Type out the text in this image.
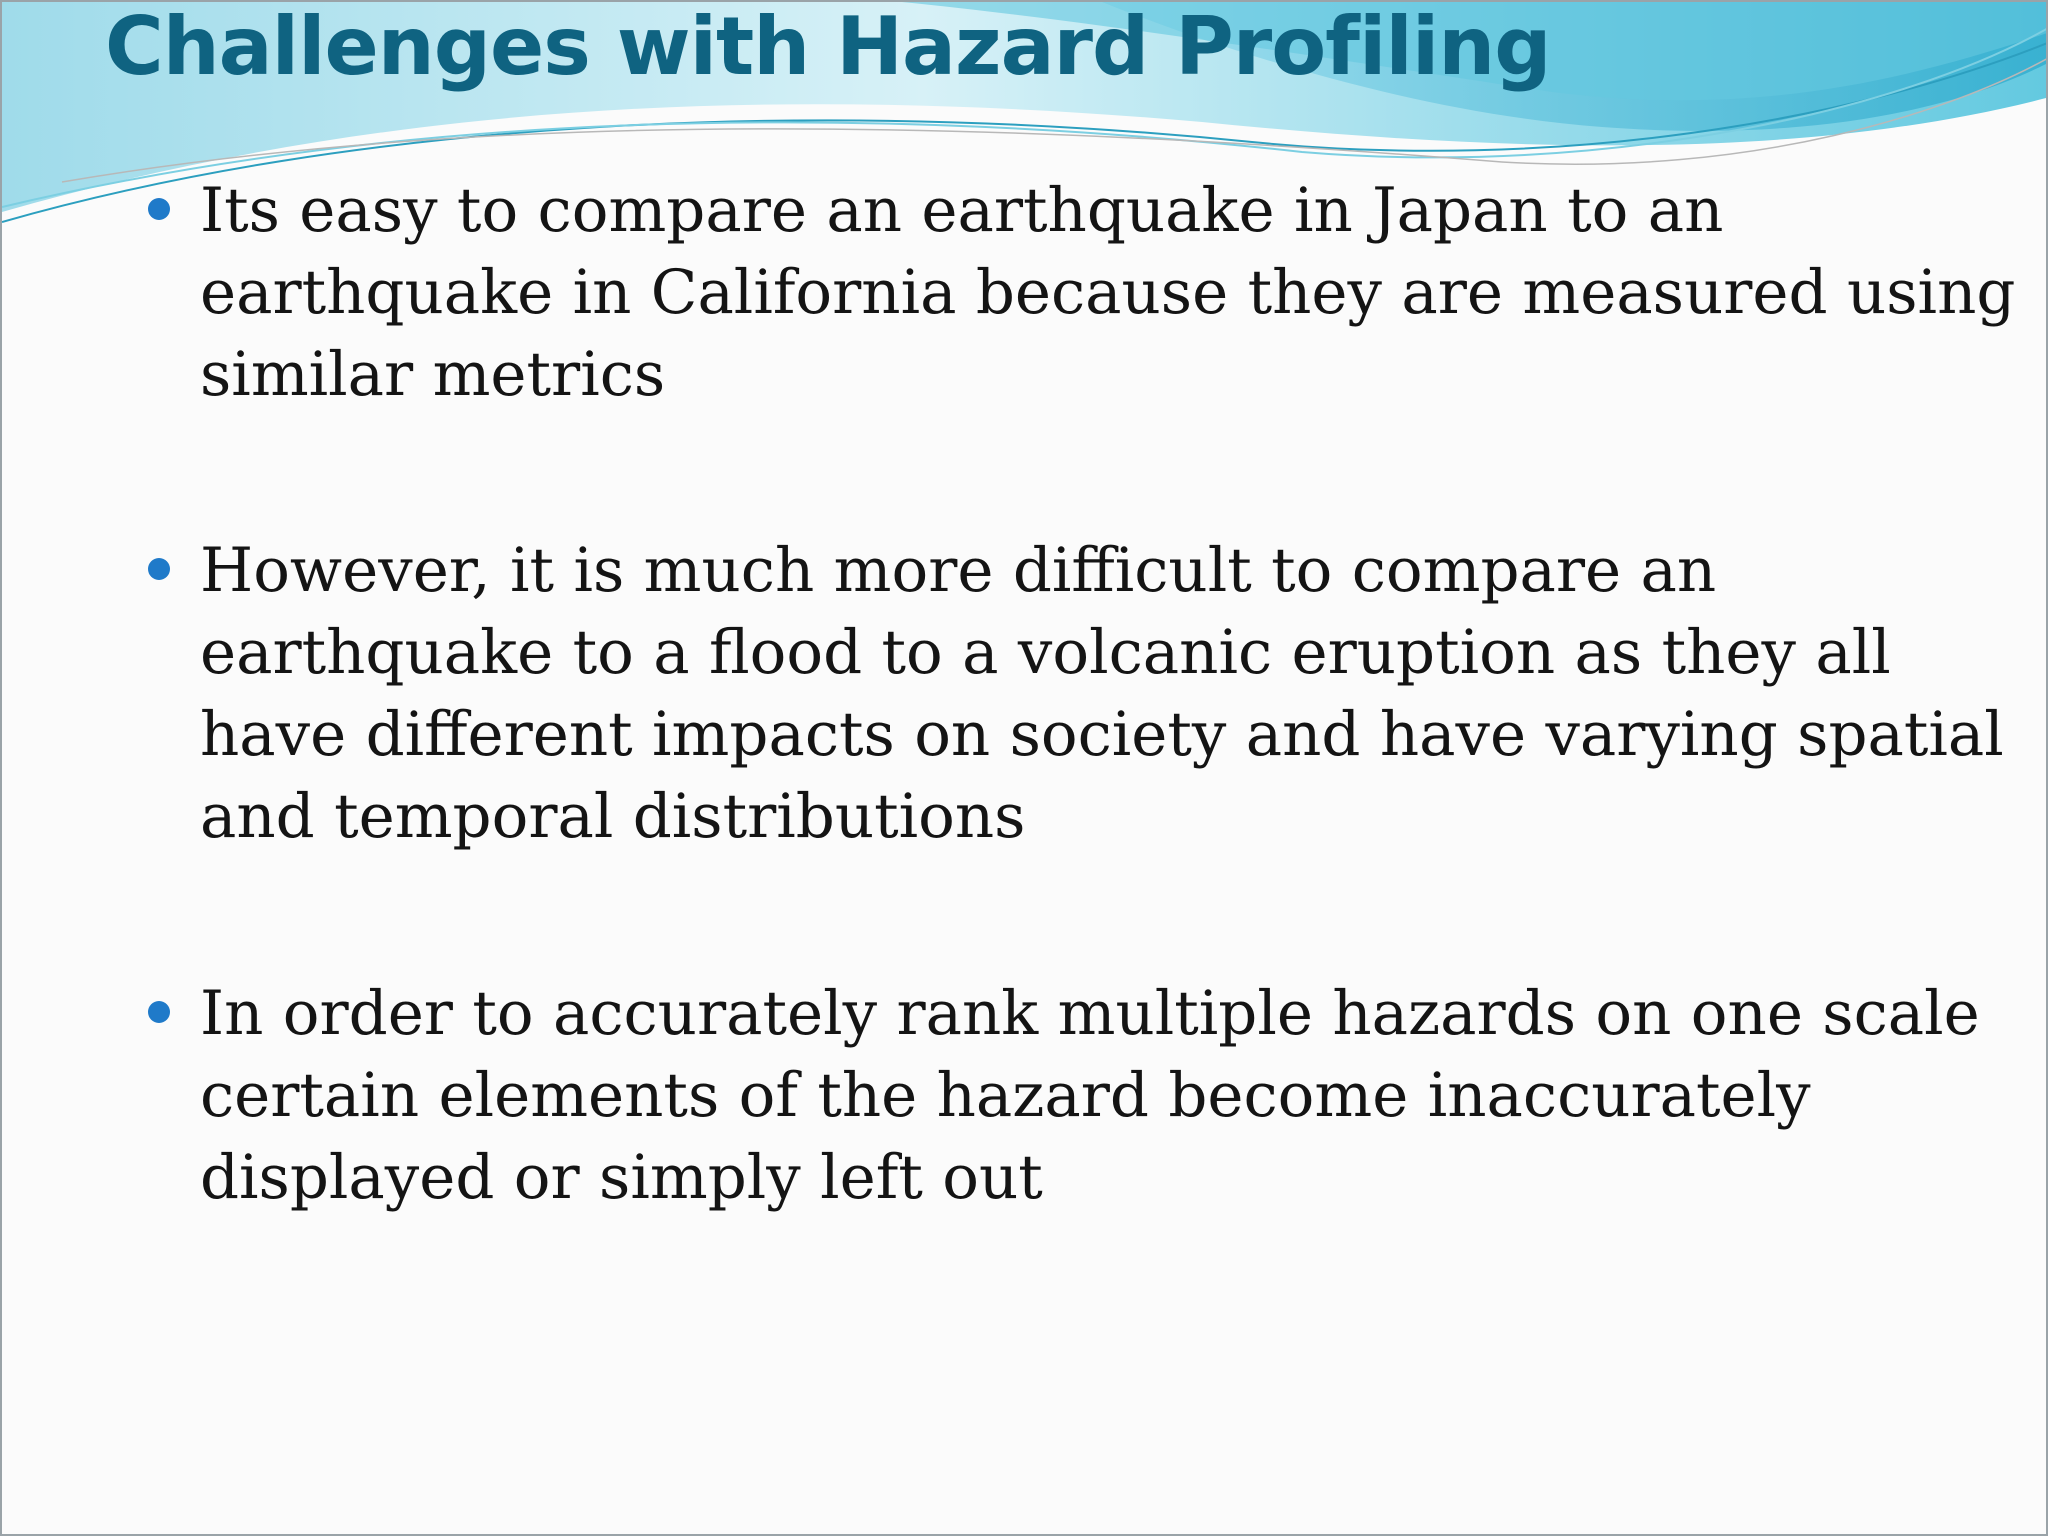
Challenges with Hazard Profiling

Its easy to compare an earthquake in Japan to an
earthquake in California because they are measured using
similar metrics

However, it is much more difficult to compare an
earthquake to a flood to a volcanic eruption as they all
have different impacts on society and have varying spatial
and temporal distributions

In order to accurately rank multiple hazards on one scale
certain elements of the hazard become inaccurately
displayed or simply left out
